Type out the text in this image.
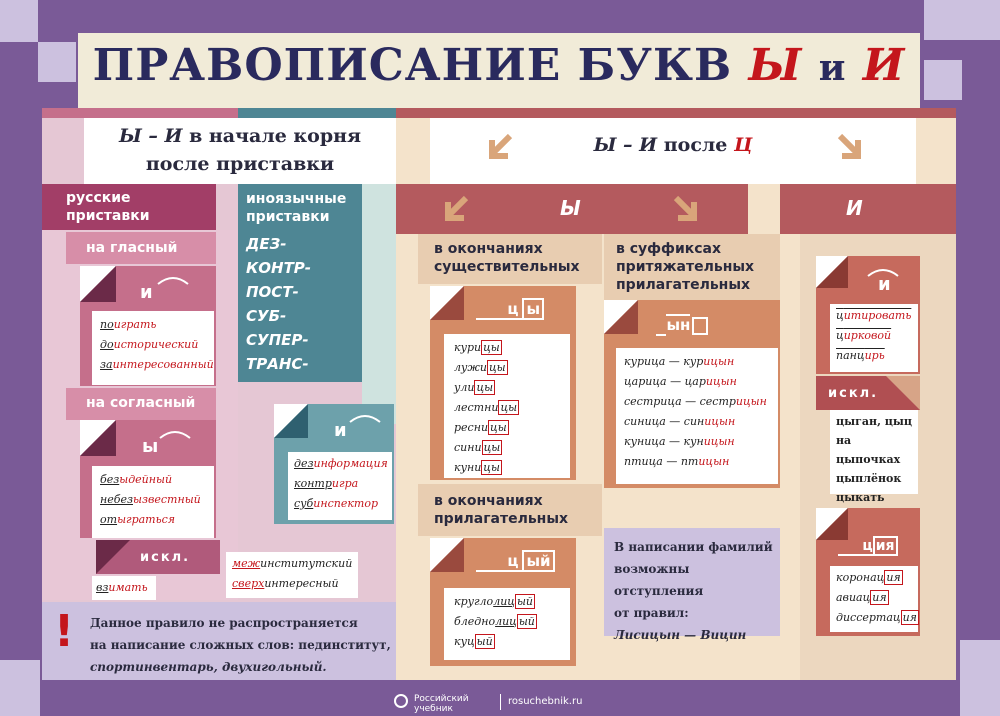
ПРАВОПИСАНИЕ БУКВ Ы и И
Ы – И в начале корня
после приставки
русские
приставки
на гласный
и
поиграть
доисторический
заинтересованный
на согласный
ы
безыдейный
небезызвестный
отыграться
искл.
взимать
межинститутский
сверхинтересный
иноязычные
приставки
ДЕЗ-
КОНТР-
ПОСТ-
СУБ-
СУПЕР-
ТРАНС-
и
дезинформация
контригра
субинспектор
! Данное правило не распространяется
на написание сложных слов: пединститут,
спортинвентарь, двухигольный.
Ы – И после Ц
Ы	И
в окончаниях
существительных
ц ы
кури цы
лужи цы
ули цы
лестни цы
ресни цы
сини цы
куни цы
в окончаниях
прилагательных
ц ый
круглолиц ый
бледнолиц ый
куц ый
в суффиксах
притяжательных
прилагательных
ын
курица — курицын
царица — царицын
сестрица — сестрицын
синица — синицын
куница — куницын
птица — птицын
В написании фамилий
возможны отступления
от правил:
Лисицын — Вицин
и
цитировать
цирковой
панцирь
искл.
цыган, цыц
на цыпочках
цыплёнок
цыкать
ц ия
коронац ия
авиац ия
диссертац ия
Российский учебник
rosuchebnik.ru
